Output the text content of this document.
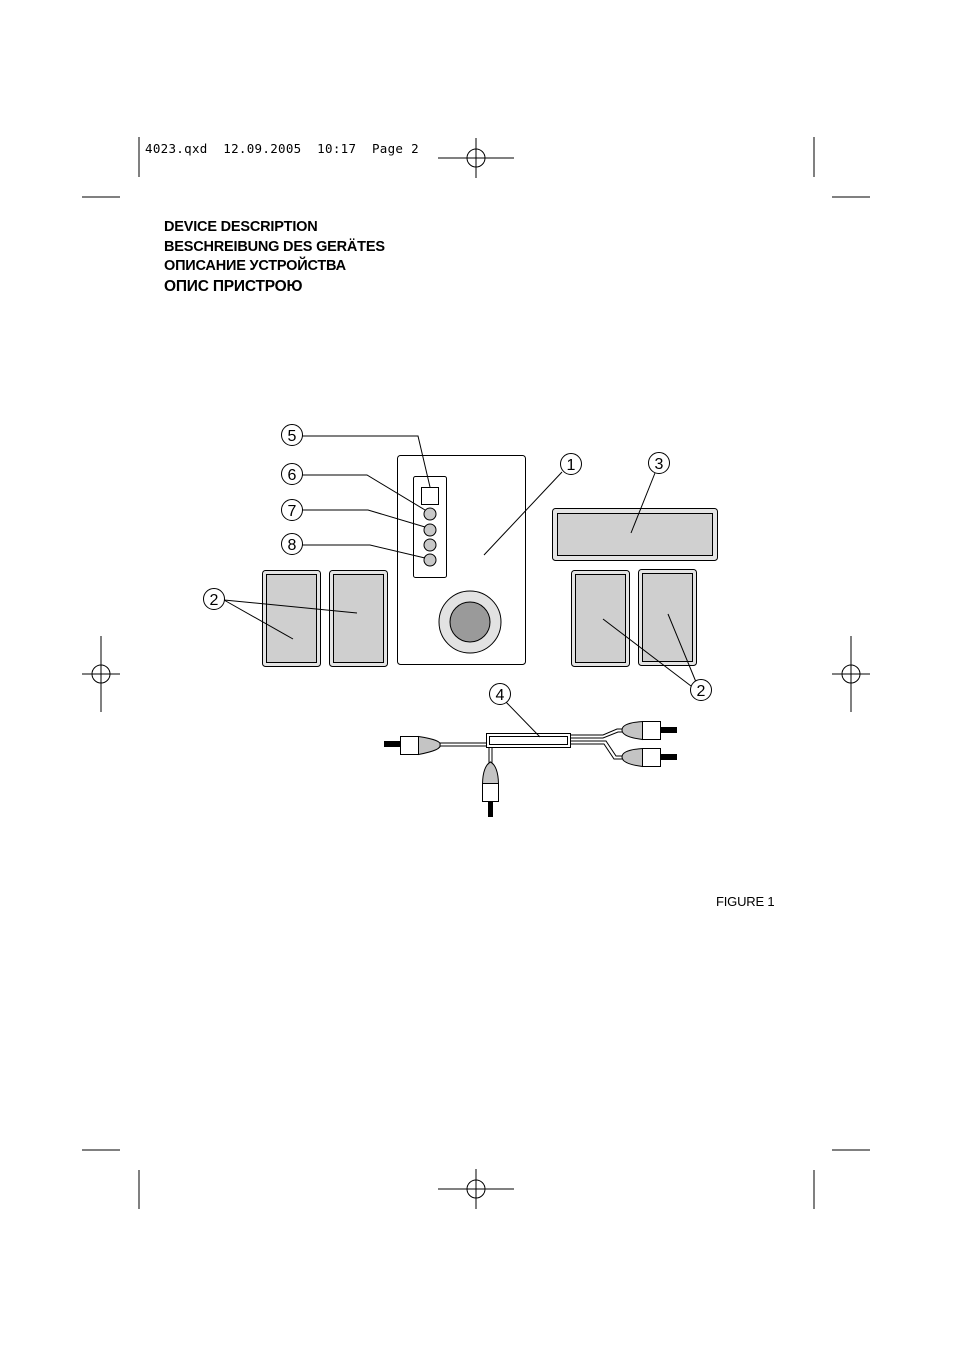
4023.qxd  12.09.2005  10:17  Page 2
DEVICE DESCRIPTION
BESCHREIBUNG DES GERÄTES
ОПИСАНИЕ УСТРОЙСТВА
ОПИС ПРИСТРОЮ
1
2
2
3
4
5
6
7
8
FIGURE 1
